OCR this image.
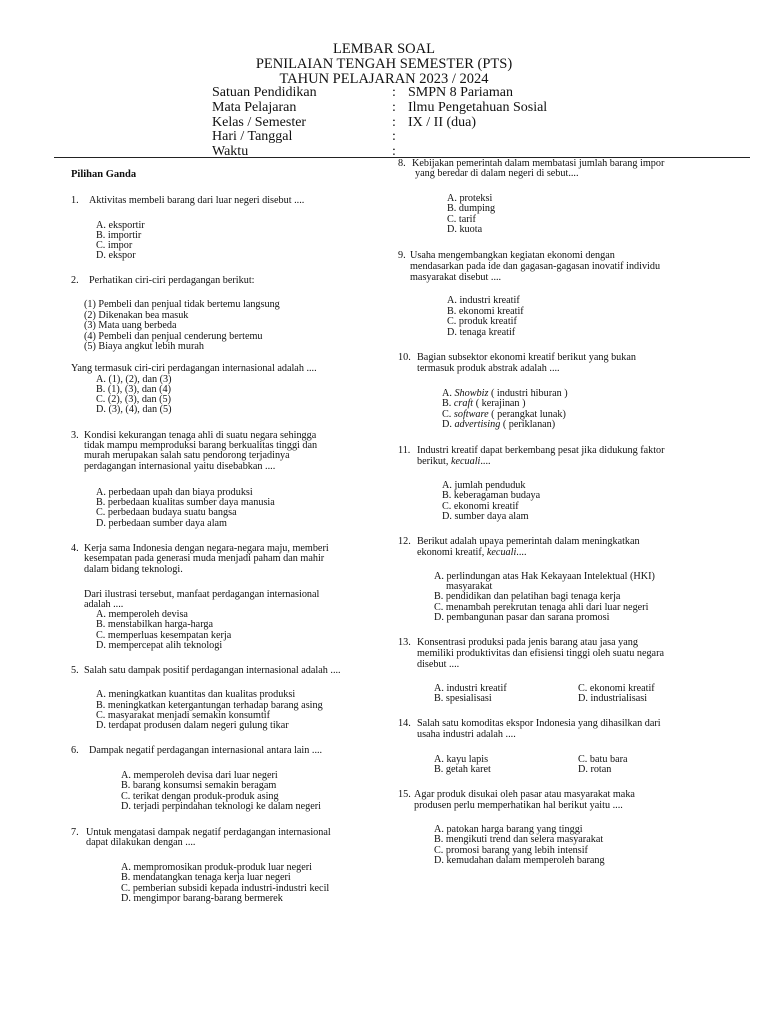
LEMBAR SOAL
PENILAIAN TENGAH SEMESTER (PTS)
TAHUN PELAJARAN 2023 / 2024
Satuan Pendidikan	: SMPN 8 Pariaman
Mata Pelajaran	: Ilmu Pengetahuan Sosial
Kelas / Semester	: IX / II (dua)
Hari / Tanggal	:
Waktu	:
Pilihan Ganda
1. Aktivitas membeli barang dari luar negeri disebut ....
A. eksportir
B. importir
C. impor
D. ekspor
2. Perhatikan ciri-ciri perdagangan berikut:
(1) Pembeli dan penjual tidak bertemu langsung
(2) Dikenakan bea masuk
(3) Mata uang berbeda
(4) Pembeli dan penjual cenderung bertemu
(5) Biaya angkut lebih murah
Yang termasuk ciri-ciri perdagangan internasional adalah ....
A. (1), (2), dan (3)
B. (1), (3), dan (4)
C. (2), (3), dan (5)
D. (3), (4), dan (5)
3. Kondisi kekurangan tenaga ahli di suatu negara sehingga
tidak mampu memproduksi barang berkualitas tinggi dan
murah merupakan salah satu pendorong terjadinya
perdagangan internasional yaitu disebabkan ....
A. perbedaan upah dan biaya produksi
B. perbedaan kualitas sumber daya manusia
C. perbedaan budaya suatu bangsa
D. perbedaan sumber daya alam
4. Kerja sama Indonesia dengan negara-negara maju, memberi
kesempatan pada generasi muda menjadi paham dan mahir
dalam bidang teknologi.
Dari ilustrasi tersebut, manfaat perdagangan internasional
adalah ....
A. memperoleh devisa
B. menstabilkan harga-harga
C. memperluas kesempatan kerja
D. mempercepat alih teknologi
5. Salah satu dampak positif perdagangan internasional adalah ....
A. meningkatkan kuantitas dan kualitas produksi
B. meningkatkan ketergantungan terhadap barang asing
C. masyarakat menjadi semakin konsumtif
D. terdapat produsen dalam negeri gulung tikar
6. Dampak negatif perdagangan internasional antara lain ....
A. memperoleh devisa dari luar negeri
B. barang konsumsi semakin beragam
C. terikat dengan produk-produk asing
D. terjadi perpindahan teknologi ke dalam negeri
7. Untuk mengatasi dampak negatif perdagangan internasional
dapat dilakukan dengan ....
A. mempromosikan produk-produk luar negeri
B. mendatangkan tenaga kerja luar negeri
C. pemberian subsidi kepada industri-industri kecil
D. mengimpor barang-barang bermerek
8. Kebijakan pemerintah dalam membatasi jumlah barang impor
yang beredar di dalam negeri di sebut....
A. proteksi
B. dumping
C. tarif
D. kuota
9. Usaha mengembangkan kegiatan ekonomi dengan
mendasarkan pada ide dan gagasan-gagasan inovatif individu
masyarakat disebut ....
A. industri kreatif
B. ekonomi kreatif
C. produk kreatif
D. tenaga kreatif
10. Bagian subsektor ekonomi kreatif berikut yang bukan
termasuk produk abstrak adalah ....
A. Showbiz ( industri hiburan )
B. craft ( kerajinan )
C. software ( perangkat lunak)
D. advertising ( periklanan)
11. Industri kreatif dapat berkembang pesat jika didukung faktor
berikut, kecuali....
A. jumlah penduduk
B. keberagaman budaya
C. ekonomi kreatif
D. sumber daya alam
12. Berikut adalah upaya pemerintah dalam meningkatkan
ekonomi kreatif, kecuali....
A. perlindungan atas Hak Kekayaan Intelektual (HKI)
masyarakat
B. pendidikan dan pelatihan bagi tenaga kerja
C. menambah perekrutan tenaga ahli dari luar negeri
D. pembangunan pasar dan sarana promosi
13. Konsentrasi produksi pada jenis barang atau jasa yang
memiliki produktivitas dan efisiensi tinggi oleh suatu negara
disebut ....
A. industri kreatif	C. ekonomi kreatif
B. spesialisasi	D. industrialisasi
14. Salah satu komoditas ekspor Indonesia yang dihasilkan dari
usaha industri adalah ....
A. kayu lapis	C. batu bara
B. getah karet	D. rotan
15. Agar produk disukai oleh pasar atau masyarakat maka
produsen perlu memperhatikan hal berikut yaitu ....
A. patokan harga barang yang tinggi
B. mengikuti trend dan selera masyarakat
C. promosi barang yang lebih intensif
D. kemudahan dalam memperoleh barang
